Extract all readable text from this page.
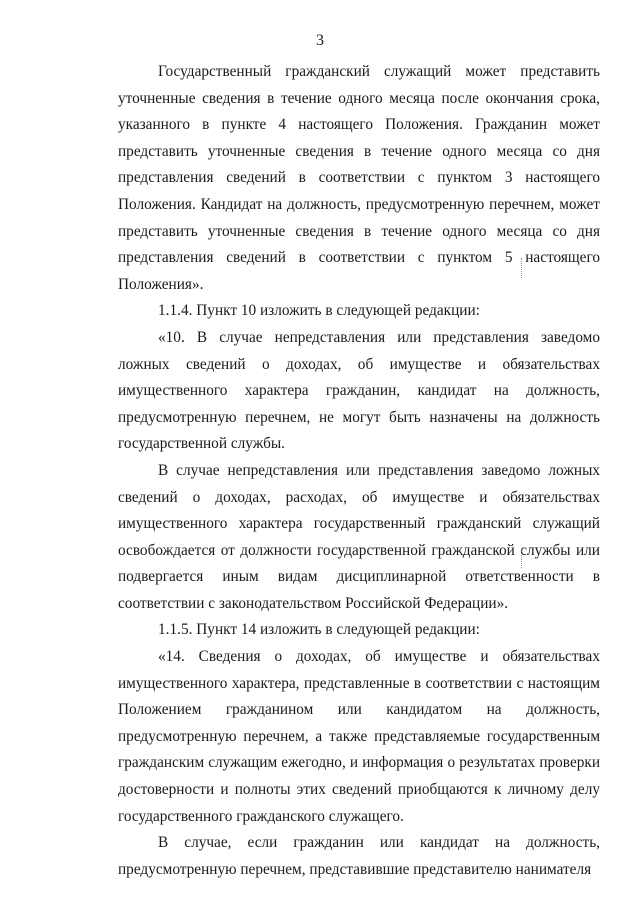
3

Государственный гражданский служащий может представить уточненные сведения в течение одного месяца после окончания срока, указанного в пункте 4 настоящего Положения. Гражданин может представить уточненные сведения в течение одного месяца со дня представления сведений в соответствии с пунктом 3 настоящего Положения. Кандидат на должность, предусмотренную перечнем, может представить уточненные сведения в течение одного месяца со дня представления сведений в соответствии с пунктом 5 настоящего Положения».

1.1.4. Пункт 10 изложить в следующей редакции:

«10. В случае непредставления или представления заведомо ложных сведений о доходах, об имуществе и обязательствах имущественного характера гражданин, кандидат на должность, предусмотренную перечнем, не могут быть назначены на должность государственной службы.

В случае непредставления или представления заведомо ложных сведений о доходах, расходах, об имуществе и обязательствах имущественного характера государственный гражданский служащий освобождается от должности государственной гражданской службы или подвергается иным видам дисциплинарной ответственности в соответствии с законодательством Российской Федерации».

1.1.5. Пункт 14 изложить в следующей редакции:

«14. Сведения о доходах, об имуществе и обязательствах имущественного характера, представленные в соответствии с настоящим Положением гражданином или кандидатом на должность, предусмотренную перечнем, а также представляемые государственным гражданским служащим ежегодно, и информация о результатах проверки достоверности и полноты этих сведений приобщаются к личному делу государственного гражданского служащего.

В случае, если гражданин или кандидат на должность, предусмотренную перечнем, представившие представителю нанимателя
